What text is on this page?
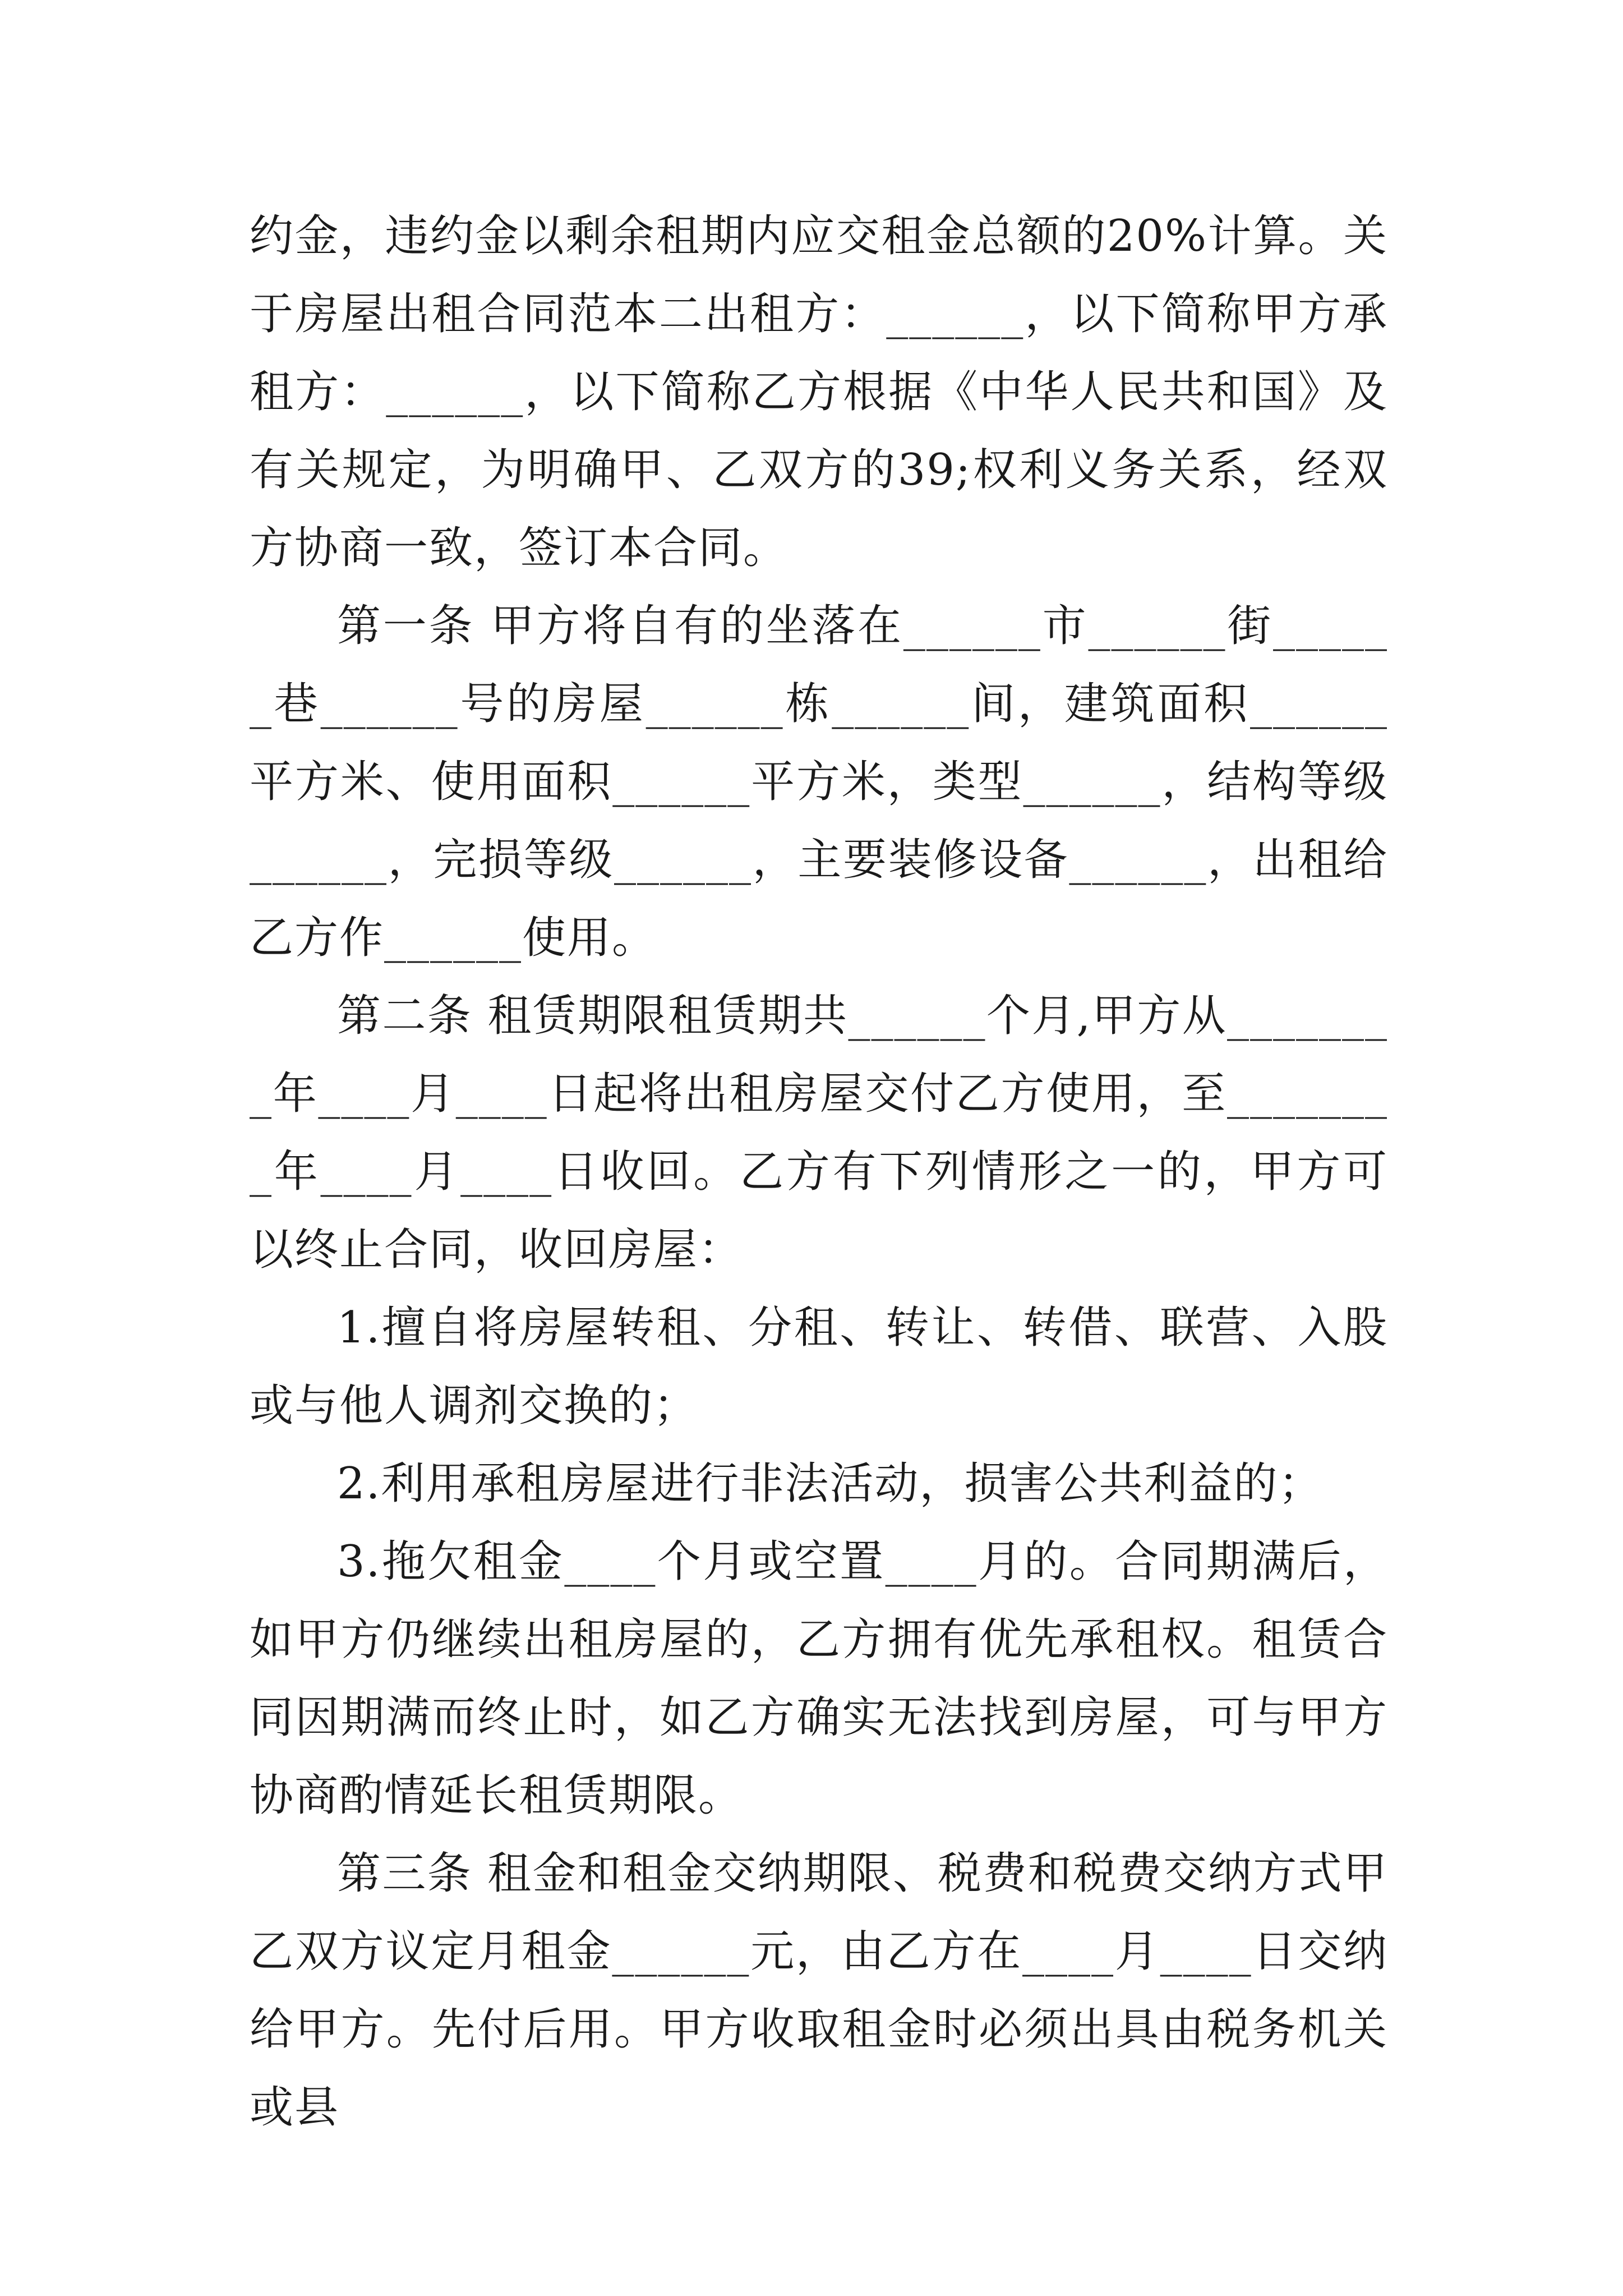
约金，违约金以剩余租期内应交租金总额的20%计算。关于房屋出租合同范本二出租方：______，以下简称甲方承租方：______，以下简称乙方根据《中华人民共和国》及有关规定，为明确甲、乙双方的39;权利义务关系，经双方协商一致，签订本合同。

第一条 甲方将自有的坐落在______市______街______巷______号的房屋______栋______间，建筑面积______平方米、使用面积______平方米，类型______，结构等级______，完损等级______，主要装修设备______，出租给乙方作______使用。

第二条 租赁期限租赁期共______个月,甲方从________年____月____日起将出租房屋交付乙方使用，至________年____月____日收回。乙方有下列情形之一的，甲方可以终止合同，收回房屋：

1.擅自将房屋转租、分租、转让、转借、联营、入股或与他人调剂交换的；

2.利用承租房屋进行非法活动，损害公共利益的；

3.拖欠租金____个月或空置____月的。合同期满后，如甲方仍继续出租房屋的，乙方拥有优先承租权。租赁合同因期满而终止时，如乙方确实无法找到房屋，可与甲方协商酌情延长租赁期限。

第三条 租金和租金交纳期限、税费和税费交纳方式甲乙双方议定月租金______元，由乙方在____月____日交纳给甲方。先付后用。甲方收取租金时必须出具由税务机关或县
